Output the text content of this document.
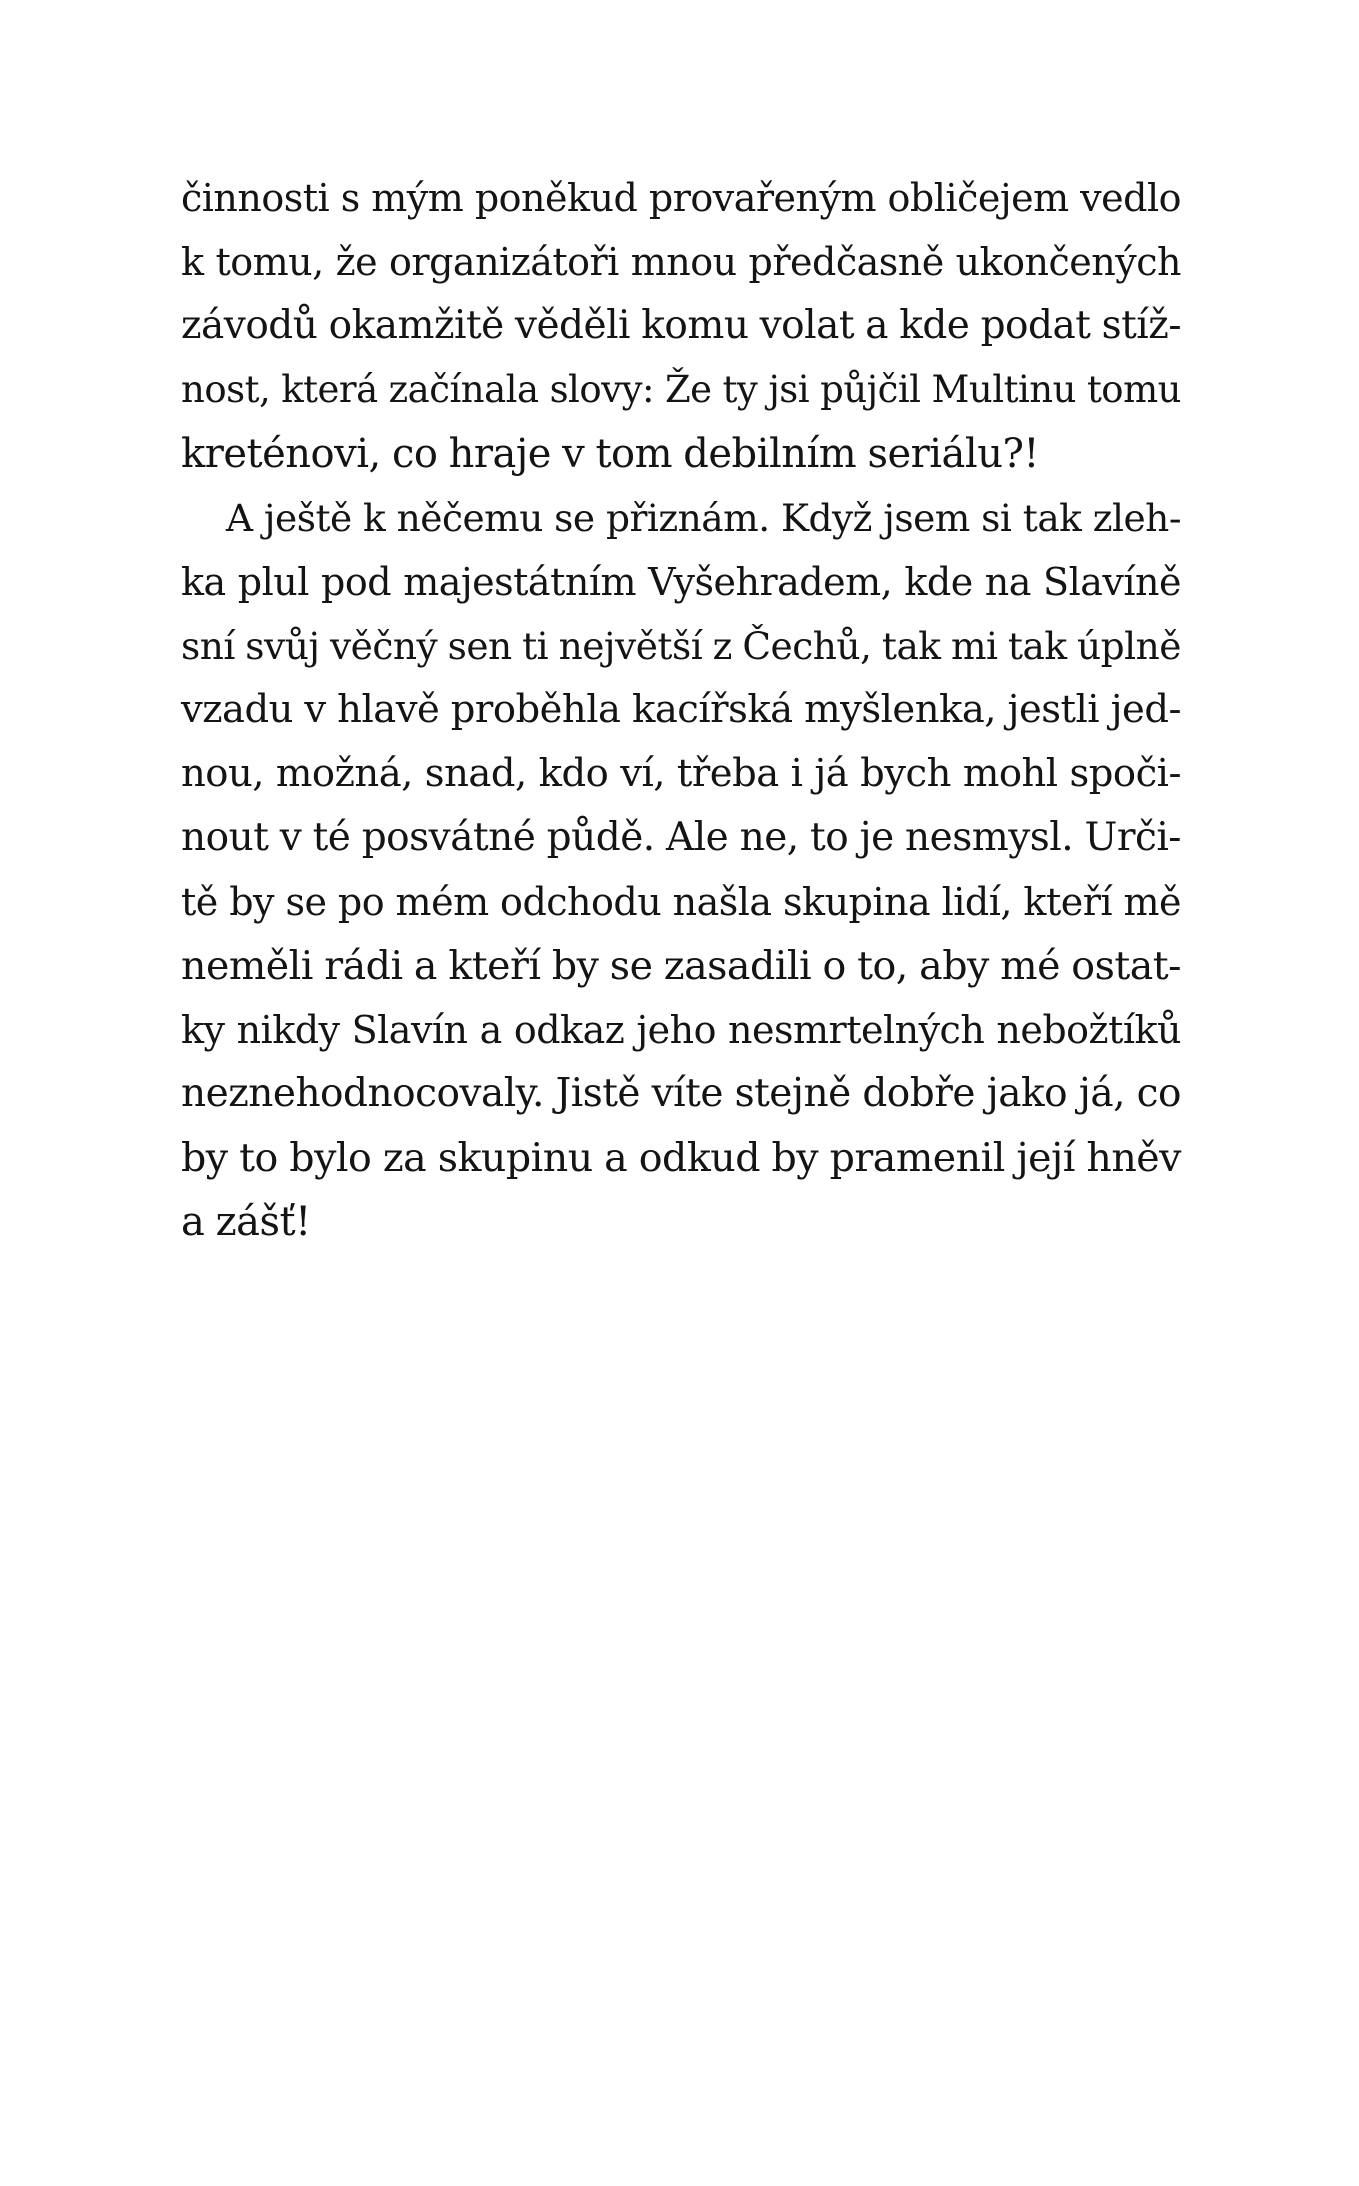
činnosti s mým poněkud provařeným obličejem vedlo
k tomu, že organizátoři mnou předčasně ukončených
závodů okamžitě věděli komu volat a kde podat stíž-
nost, která začínala slovy: Že ty jsi půjčil Multinu tomu
kreténovi, co hraje v tom debilním seriálu?!
A ještě k něčemu se přiznám. Když jsem si tak zleh-
ka plul pod majestátním Vyšehradem, kde na Slavíně
sní svůj věčný sen ti největší z Čechů, tak mi tak úplně
vzadu v hlavě proběhla kacířská myšlenka, jestli jed-
nou, možná, snad, kdo ví, třeba i já bych mohl spoči-
nout v té posvátné půdě. Ale ne, to je nesmysl. Urči-
tě by se po mém odchodu našla skupina lidí, kteří mě
neměli rádi a kteří by se zasadili o to, aby mé ostat-
ky nikdy Slavín a odkaz jeho nesmrtelných nebožtíků
neznehodnocovaly. Jistě víte stejně dobře jako já, co
by to bylo za skupinu a odkud by pramenil její hněv
a zášť!
